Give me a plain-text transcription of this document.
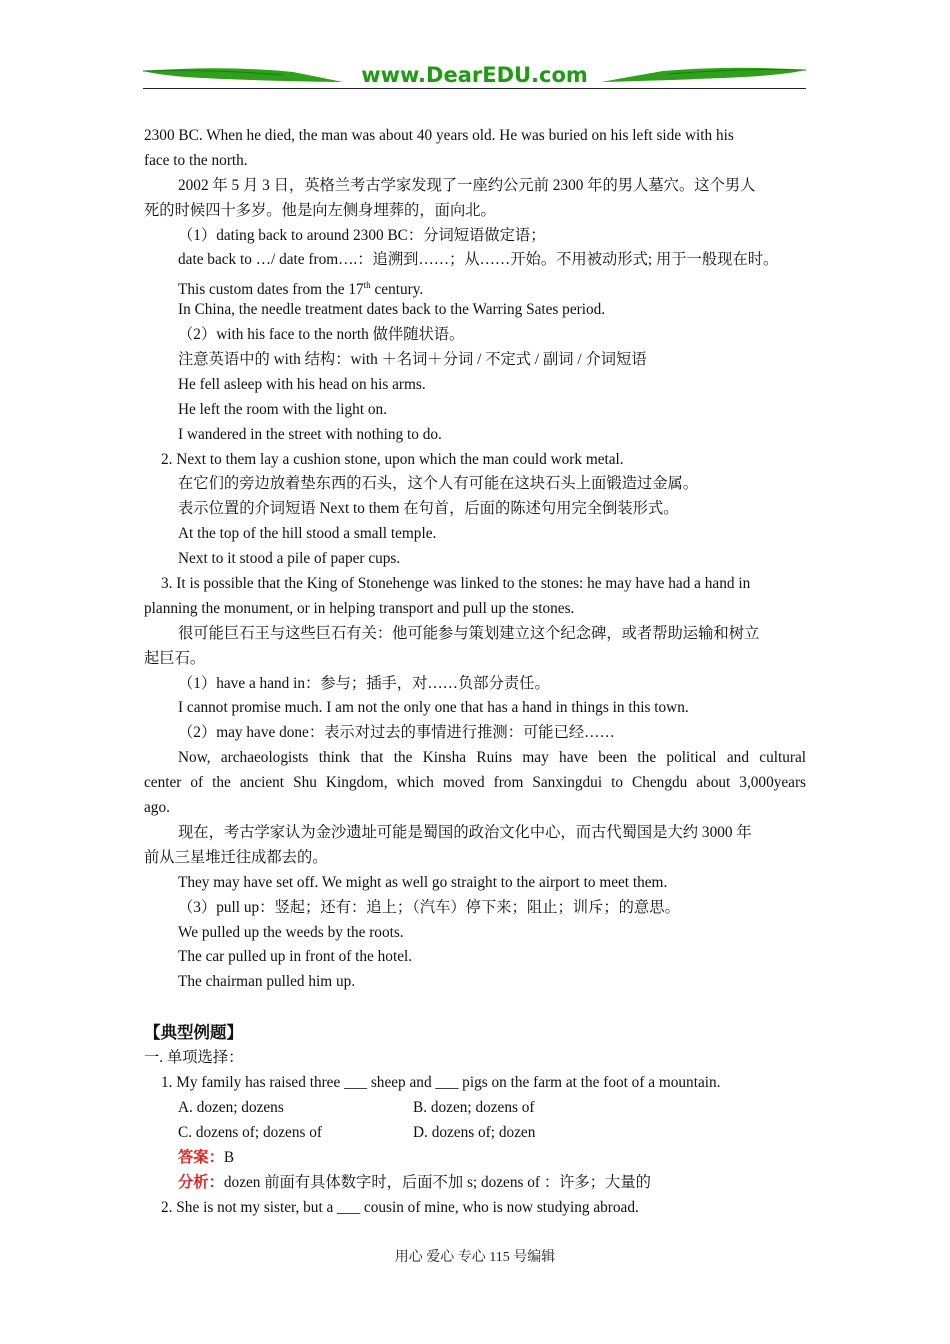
www.DearEDU.com
2300 BC. When he died, the man was about 40 years old. He was buried on his left side with his
face to the north.
2002 年 5 月 3 日，英格兰考古学家发现了一座约公元前 2300 年的男人墓穴。这个男人
死的时候四十多岁。他是向左侧身埋葬的，面向北。
（1）dating back to around 2300 BC：分词短语做定语；
date back to …/ date from….：追溯到……；从……开始。不用被动形式; 用于一般现在时。
This custom dates from the 17th century.
In China, the needle treatment dates back to the Warring Sates period.
（2）with his face to the north 做伴随状语。
注意英语中的 with 结构：with ＋名词＋分词 / 不定式 / 副词 / 介词短语
He fell asleep with his head on his arms.
He left the room with the light on.
I wandered in the street with nothing to do.
2. Next to them lay a cushion stone, upon which the man could work metal.
在它们的旁边放着垫东西的石头，这个人有可能在这块石头上面锻造过金属。
表示位置的介词短语 Next to them 在句首，后面的陈述句用完全倒装形式。
At the top of the hill stood a small temple.
Next to it stood a pile of paper cups.
3. It is possible that the King of Stonehenge was linked to the stones: he may have had a hand in
planning the monument, or in helping transport and pull up the stones.
很可能巨石王与这些巨石有关：他可能参与策划建立这个纪念碑，或者帮助运输和树立
起巨石。
（1）have a hand in：参与；插手，对……负部分责任。
I cannot promise much. I am not the only one that has a hand in things in this town.
（2）may have done：表示对过去的事情进行推测：可能已经……
Now, archaeologists think that the Kinsha Ruins may have been the political and cultural
center of the ancient Shu Kingdom, which moved from Sanxingdui to Chengdu about 3,000years
ago.
现在，考古学家认为金沙遗址可能是蜀国的政治文化中心，而古代蜀国是大约 3000 年
前从三星堆迁往成都去的。
They may have set off. We might as well go straight to the airport to meet them.
（3）pull up：竖起；还有：追上；（汽车）停下来；阻止；训斥；的意思。
We pulled up the weeds by the roots.
The car pulled up in front of the hotel.
The chairman pulled him up.
【典型例题】
一. 单项选择：
1. My family has raised three ___ sheep and ___ pigs on the farm at the foot of a mountain.
A. dozen; dozens	B. dozen; dozens of
C. dozens of; dozens of	D. dozens of; dozen
答案：B
分析：dozen 前面有具体数字时，后面不加 s; dozens of ：许多；大量的
2. She is not my sister, but a ___ cousin of mine, who is now studying abroad.
用心 爱心 专心 115 号编辑
